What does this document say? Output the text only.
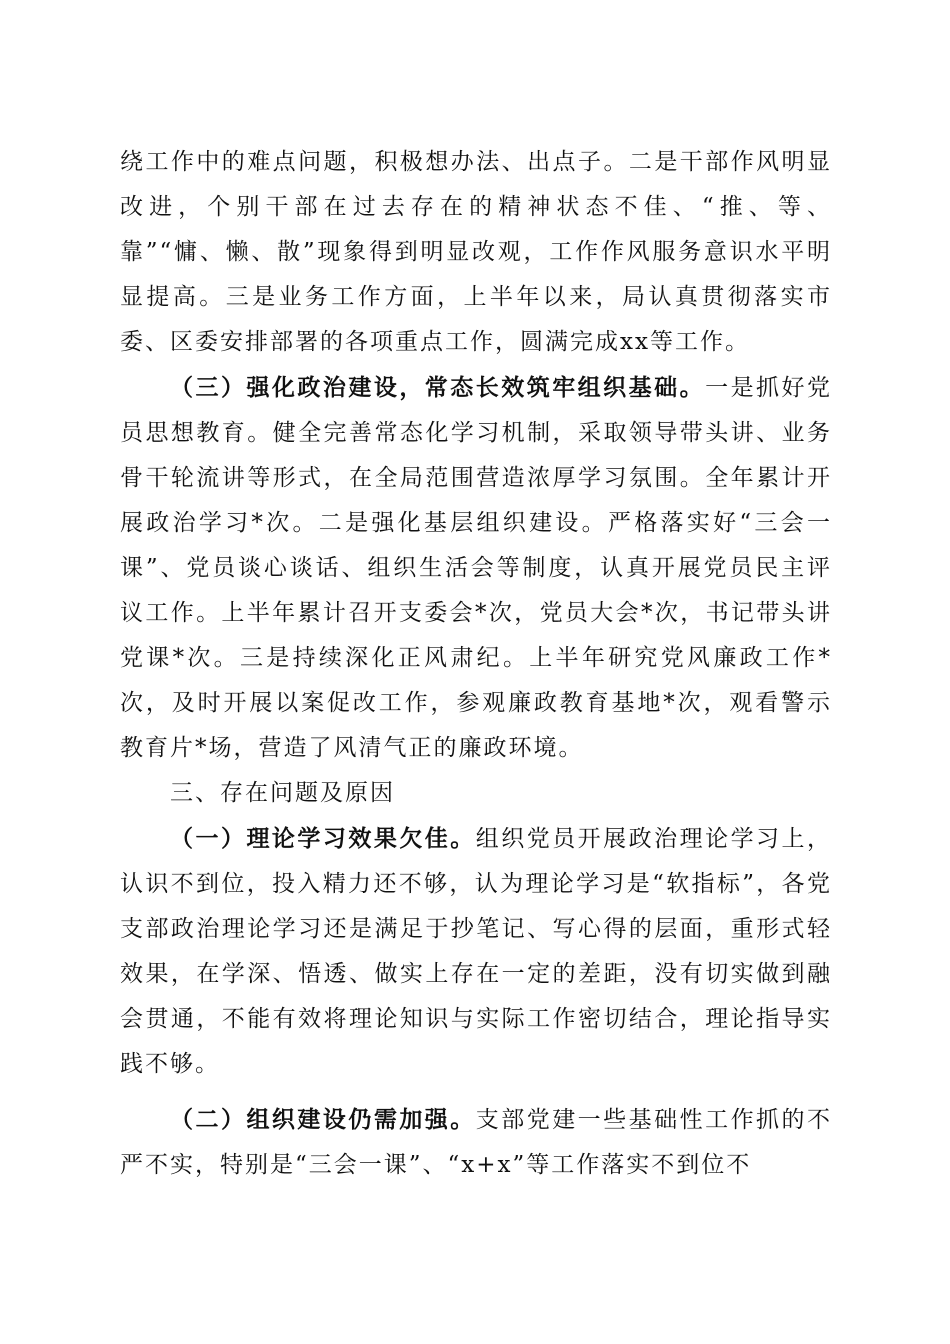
绕工作中的难点问题，积极想办法、出点子。二是干部作风明显改进，个别干部在过去存在的精神状态不佳、“推、等、靠”“慵、懒、散”现象得到明显改观，工作作风服务意识水平明显提高。三是业务工作方面，上半年以来，局认真贯彻落实市委、区委安排部署的各项重点工作，圆满完成xx等工作。

（三）强化政治建设，常态长效筑牢组织基础。一是抓好党员思想教育。健全完善常态化学习机制，采取领导带头讲、业务骨干轮流讲等形式，在全局范围营造浓厚学习氛围。全年累计开展政治学习*次。二是强化基层组织建设。严格落实好“三会一课”、党员谈心谈话、组织生活会等制度，认真开展党员民主评议工作。上半年累计召开支委会*次，党员大会*次，书记带头讲党课*次。三是持续深化正风肃纪。上半年研究党风廉政工作*次，及时开展以案促改工作，参观廉政教育基地*次，观看警示教育片*场，营造了风清气正的廉政环境。

三、存在问题及原因

（一）理论学习效果欠佳。组织党员开展政治理论学习上，认识不到位，投入精力还不够，认为理论学习是“软指标”，各党支部政治理论学习还是满足于抄笔记、写心得的层面，重形式轻效果，在学深、悟透、做实上存在一定的差距，没有切实做到融会贯通，不能有效将理论知识与实际工作密切结合，理论指导实践不够。

（二）组织建设仍需加强。支部党建一些基础性工作抓的不严不实，特别是“三会一课”、“x+x”等工作落实不到位不
